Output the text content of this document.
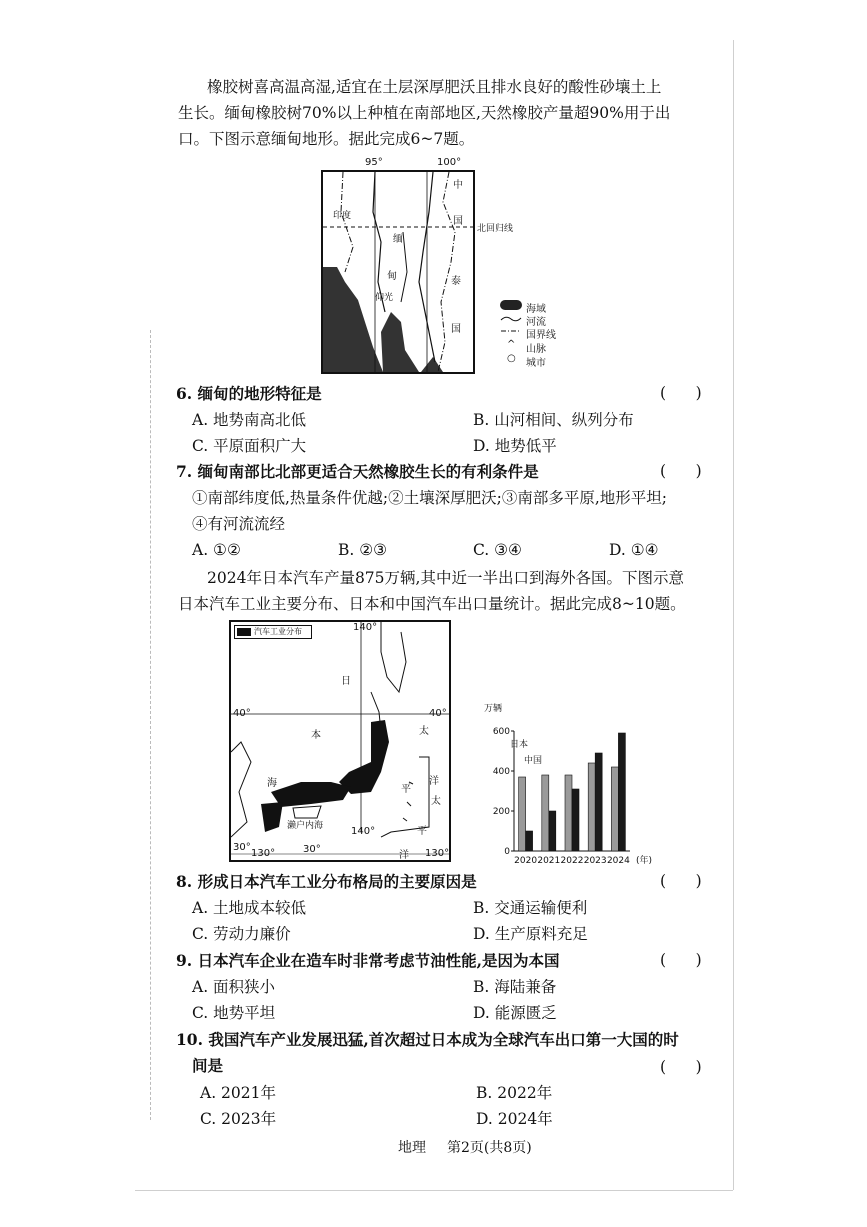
橡胶树喜高温高湿,适宜在土层深厚肥沃且排水良好的酸性砂壤土上
生长。缅甸橡胶树70%以上种植在南部地区,天然橡胶产量超90%用于出
口。下图示意缅甸地形。据此完成6~7题。
95°	100°
印度
中
国
缅
甸	泰
国
仰光
北回归线
海域
河流
国界线
^ 山脉
○ 城市
6. 缅甸的地形特征是	(      )
A. 地势南高北低	B. 山河相间、纵列分布
C. 平原面积广大	D. 地势低平
7. 缅甸南部比北部更适合天然橡胶生长的有利条件是	(      )
①南部纬度低,热量条件优越;②土壤深厚肥沃;③南部多平原,地形平坦;
④有河流流经
A. ①②	B. ②③	C. ③④	D. ①④
2024年日本汽车产量875万辆,其中近一半出口到海外各国。下图示意
日本汽车工业主要分布、日本和中国汽车出口量统计。据此完成8~10题。
汽车工业分布	140°
40°	40°
日
本	太
海
平
洋
濑户内海
太
平
洋
140°
30°
30°
130°	130°
万辆
0
200
400
600
2020 2021 2022 2023 2024
日本
中国
(年)
8. 形成日本汽车工业分布格局的主要原因是	(      )
A. 土地成本较低	B. 交通运输便利
C. 劳动力廉价	D. 生产原料充足
9. 日本汽车企业在造车时非常考虑节油性能,是因为本国	(      )
A. 面积狭小	B. 海陆兼备
C. 地势平坦	D. 能源匮乏
10. 我国汽车产业发展迅猛,首次超过日本成为全球汽车出口第一大国的时
间是	(      )
A. 2021年	B. 2022年
C. 2023年	D. 2024年
地理 第2页(共8页)
